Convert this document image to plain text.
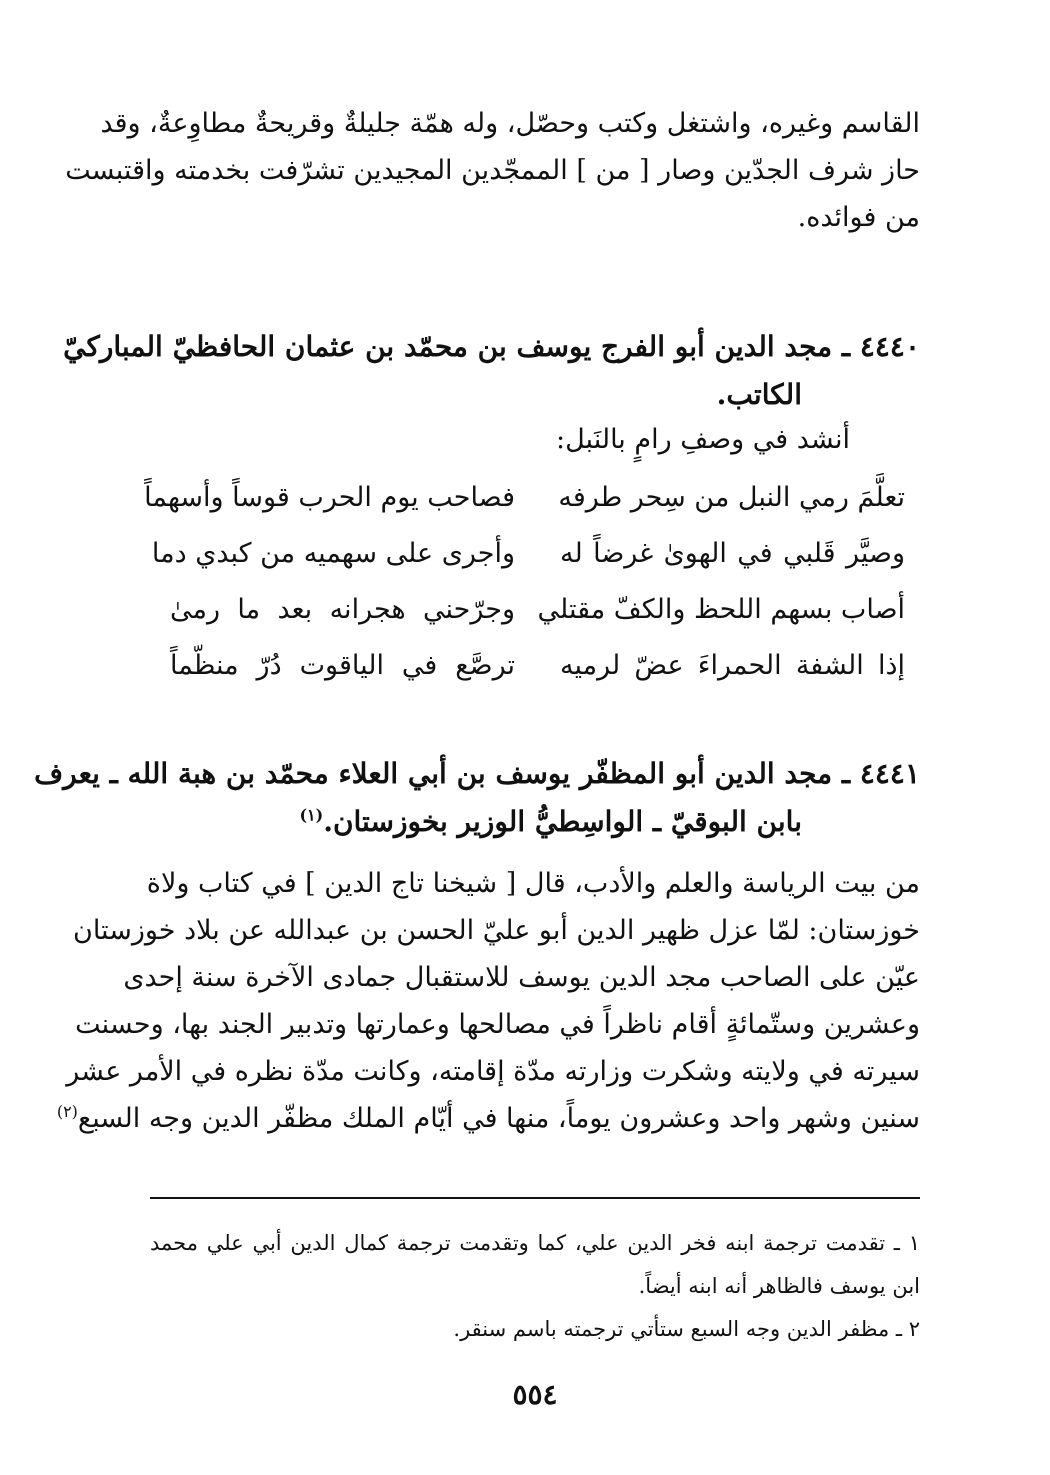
القاسم وغيره، واشتغل وكتب وحصّل، وله همّة جليلةٌ وقريحةٌ مطاوِعةٌ، وقد
حاز شرف الجدّين وصار [ من ] الممجّدين المجيدين تشرّفت بخدمته واقتبست
من فوائده.

٤٤٤٠ ـ مجد الدين أبو الفرج يوسف بن محمّد بن عثمان الحافظيّ المباركيّ
الكاتب.

أنشد في وصفِ رامٍ بالنَبل:

تعلَّمَ رمي النبل من سِحر طرفه
فصاحب يوم الحرب قوساً وأسهماً
وصيَّر قَلبي في الهوىٰ غرضاً له
وأجرى على سهميه من كبدي دما
أصاب بسهم اللحظ والكفّ مقتلي
وجرّحني هجرانه بعد ما رمىٰ
إذا الشفة الحمراءَ عضّ لرميه
ترصَّع في الياقوت دُرّ منظّماً
٤٤٤١ ـ مجد الدين أبو المظفّر يوسف بن أبي العلاء محمّد بن هبة الله ـ يعرف
بابن البوقيّ ـ الواسِطيُّ الوزير بخوزستان.$^{(١)}$

من بيت الرياسة والعلم والأدب، قال [ شيخنا تاج الدين ] في كتاب ولاة
خوزستان: لمّا عزل ظهير الدين أبو عليّ الحسن بن عبدالله عن بلاد خوزستان
عيّن على الصاحب مجد الدين يوسف للاستقبال جمادى الآخرة سنة إحدى
وعشرين وستّمائةٍ أقام ناظراً في مصالحها وعمارتها وتدبير الجند بها، وحسنت
سيرته في ولايته وشكرت وزارته مدّة إقامته، وكانت مدّة نظره في الأمر عشر
سنين وشهر واحد وعشرون يوماً، منها في أيّام الملك مظفّر الدين وجه السبع$^{(٢)}$

١ ـ تقدمت ترجمة ابنه فخر الدين علي، كما وتقدمت ترجمة كمال الدين أبي علي محمد
ابن يوسف فالظاهر أنه ابنه أيضاً.
٢ ـ مظفر الدين وجه السبع ستأتي ترجمته باسم سنقر.

٥٥٤
